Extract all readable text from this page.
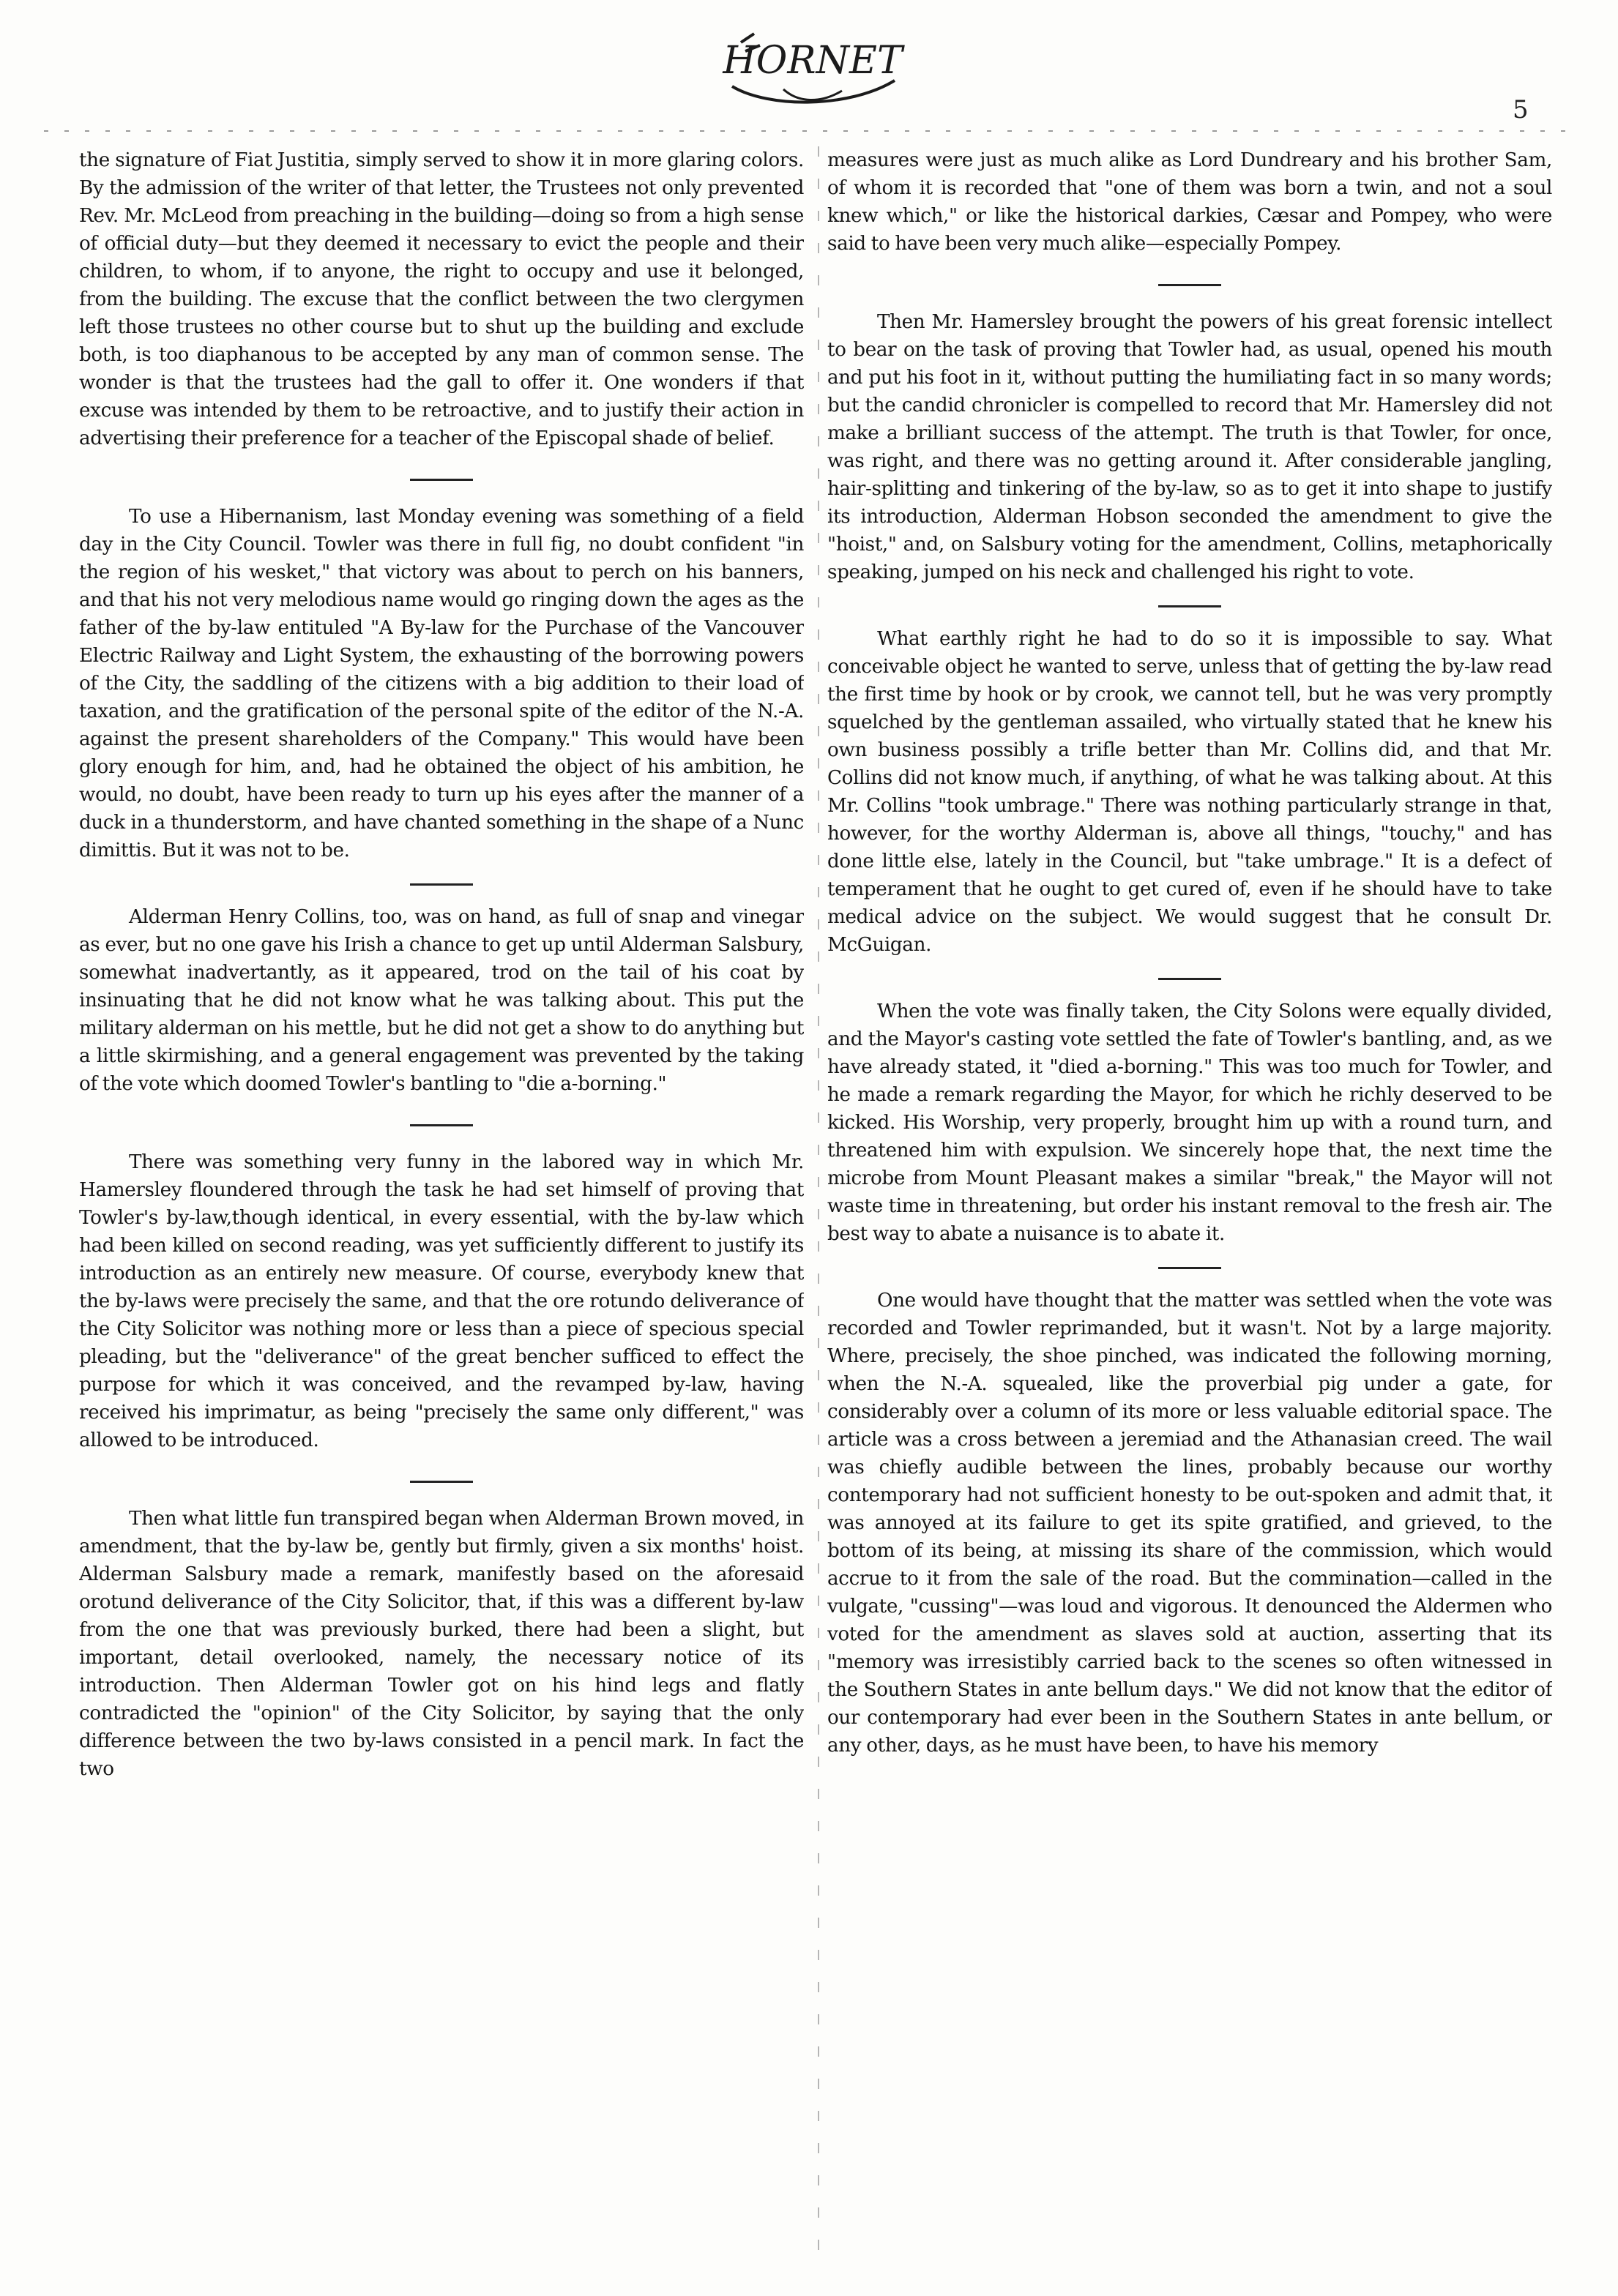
HORNET
5

the signature of Fiat Justitia, simply served to show it in more glaring colors. By the admission of the writer of that letter, the Trustees not only prevented Rev. Mr. McLeod from preaching in the building—doing so from a high sense of official duty—but they deemed it necessary to evict the people and their children, to whom, if to anyone, the right to occupy and use it belonged, from the building. The excuse that the conflict between the two clergymen left those trustees no other course but to shut up the building and exclude both, is too diaphanous to be accepted by any man of common sense. The wonder is that the trustees had the gall to offer it. One wonders if that excuse was intended by them to be retroactive, and to justify their action in advertising their preference for a teacher of the Episcopal shade of belief.

To use a Hibernanism, last Monday evening was something of a field day in the City Council. Towler was there in full fig, no doubt confident "in the region of his wesket," that victory was about to perch on his banners, and that his not very melodious name would go ringing down the ages as the father of the by-law entituled "A By-law for the Purchase of the Vancouver Electric Railway and Light System, the exhausting of the borrowing powers of the City, the saddling of the citizens with a big addition to their load of taxation, and the gratification of the personal spite of the editor of the N.-A. against the present shareholders of the Company." This would have been glory enough for him, and, had he obtained the object of his ambition, he would, no doubt, have been ready to turn up his eyes after the manner of a duck in a thunderstorm, and have chanted something in the shape of a Nunc dimittis. But it was not to be.

Alderman Henry Collins, too, was on hand, as full of snap and vinegar as ever, but no one gave his Irish a chance to get up until Alderman Salsbury, somewhat inadvertantly, as it appeared, trod on the tail of his coat by insinuating that he did not know what he was talking about. This put the military alderman on his mettle, but he did not get a show to do anything but a little skirmishing, and a general engagement was prevented by the taking of the vote which doomed Towler's bantling to "die a-borning."

There was something very funny in the labored way in which Mr. Hamersley floundered through the task he had set himself of proving that Towler's by-law,though identical, in every essential, with the by-law which had been killed on second reading, was yet sufficiently different to justify its introduction as an entirely new measure. Of course, everybody knew that the by-laws were precisely the same, and that the ore rotundo deliverance of the City Solicitor was nothing more or less than a piece of specious special pleading, but the "deliverance" of the great bencher sufficed to effect the purpose for which it was conceived, and the revamped by-law, having received his imprimatur, as being "precisely the same only different," was allowed to be introduced.

Then what little fun transpired began when Alderman Brown moved, in amendment, that the by-law be, gently but firmly, given a six months' hoist. Alderman Salsbury made a remark, manifestly based on the aforesaid orotund deliverance of the City Solicitor, that, if this was a different by-law from the one that was previously burked, there had been a slight, but important, detail overlooked, namely, the necessary notice of its introduction. Then Alderman Towler got on his hind legs and flatly contradicted the "opinion" of the City Solicitor, by saying that the only difference between the two by-laws consisted in a pencil mark. In fact the two

measures were just as much alike as Lord Dundreary and his brother Sam, of whom it is recorded that "one of them was born a twin, and not a soul knew which," or like the historical darkies, Cæsar and Pompey, who were said to have been very much alike—especially Pompey.

Then Mr. Hamersley brought the powers of his great forensic intellect to bear on the task of proving that Towler had, as usual, opened his mouth and put his foot in it, without putting the humiliating fact in so many words; but the candid chronicler is compelled to record that Mr. Hamersley did not make a brilliant success of the attempt. The truth is that Towler, for once, was right, and there was no getting around it. After considerable jangling, hair-splitting and tinkering of the by-law, so as to get it into shape to justify its introduction, Alderman Hobson seconded the amendment to give the "hoist," and, on Salsbury voting for the amendment, Collins, metaphorically speaking, jumped on his neck and challenged his right to vote.

What earthly right he had to do so it is impossible to say. What conceivable object he wanted to serve, unless that of getting the by-law read the first time by hook or by crook, we cannot tell, but he was very promptly squelched by the gentleman assailed, who virtually stated that he knew his own business possibly a trifle better than Mr. Collins did, and that Mr. Collins did not know much, if anything, of what he was talking about. At this Mr. Collins "took umbrage." There was nothing particularly strange in that, however, for the worthy Alderman is, above all things, "touchy," and has done little else, lately in the Council, but "take umbrage." It is a defect of temperament that he ought to get cured of, even if he should have to take medical advice on the subject. We would suggest that he consult Dr. McGuigan.

When the vote was finally taken, the City Solons were equally divided, and the Mayor's casting vote settled the fate of Towler's bantling, and, as we have already stated, it "died a-borning." This was too much for Towler, and he made a remark regarding the Mayor, for which he richly deserved to be kicked. His Worship, very properly, brought him up with a round turn, and threatened him with expulsion. We sincerely hope that, the next time the microbe from Mount Pleasant makes a similar "break," the Mayor will not waste time in threatening, but order his instant removal to the fresh air. The best way to abate a nuisance is to abate it.

One would have thought that the matter was settled when the vote was recorded and Towler reprimanded, but it wasn't. Not by a large majority. Where, precisely, the shoe pinched, was indicated the following morning, when the N.-A. squealed, like the proverbial pig under a gate, for considerably over a column of its more or less valuable editorial space. The article was a cross between a jeremiad and the Athanasian creed. The wail was chiefly audible between the lines, probably because our worthy contemporary had not sufficient honesty to be out-spoken and admit that, it was annoyed at its failure to get its spite gratified, and grieved, to the bottom of its being, at missing its share of the commission, which would accrue to it from the sale of the road. But the commination—called in the vulgate, "cussing"—was loud and vigorous. It denounced the Aldermen who voted for the amendment as slaves sold at auction, asserting that its "memory was irresistibly carried back to the scenes so often witnessed in the Southern States in ante bellum days." We did not know that the editor of our contemporary had ever been in the Southern States in ante bellum, or any other, days, as he must have been, to have his memory
